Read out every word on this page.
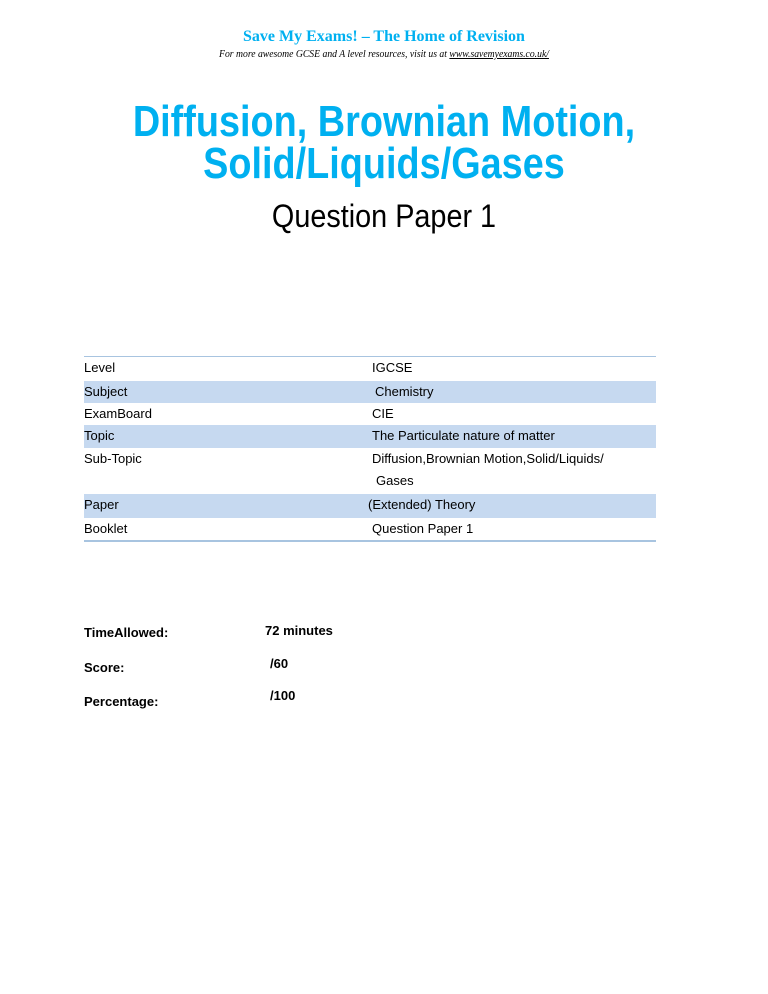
Save My Exams! – The Home of Revision
For more awesome GCSE and A level resources, visit us at www.savemyexams.co.uk/
Diffusion, Brownian Motion,
Solid/Liquids/Gases
Question Paper 1
Level	IGCSE
Subject	Chemistry
ExamBoard	CIE
Topic	The Particulate nature of matter
Sub-Topic	Diffusion,Brownian Motion,Solid/Liquids/
Gases
Paper	(Extended) Theory
Booklet	Question Paper 1
TimeAllowed:	72 minutes
Score:	/60
Percentage:	/100
